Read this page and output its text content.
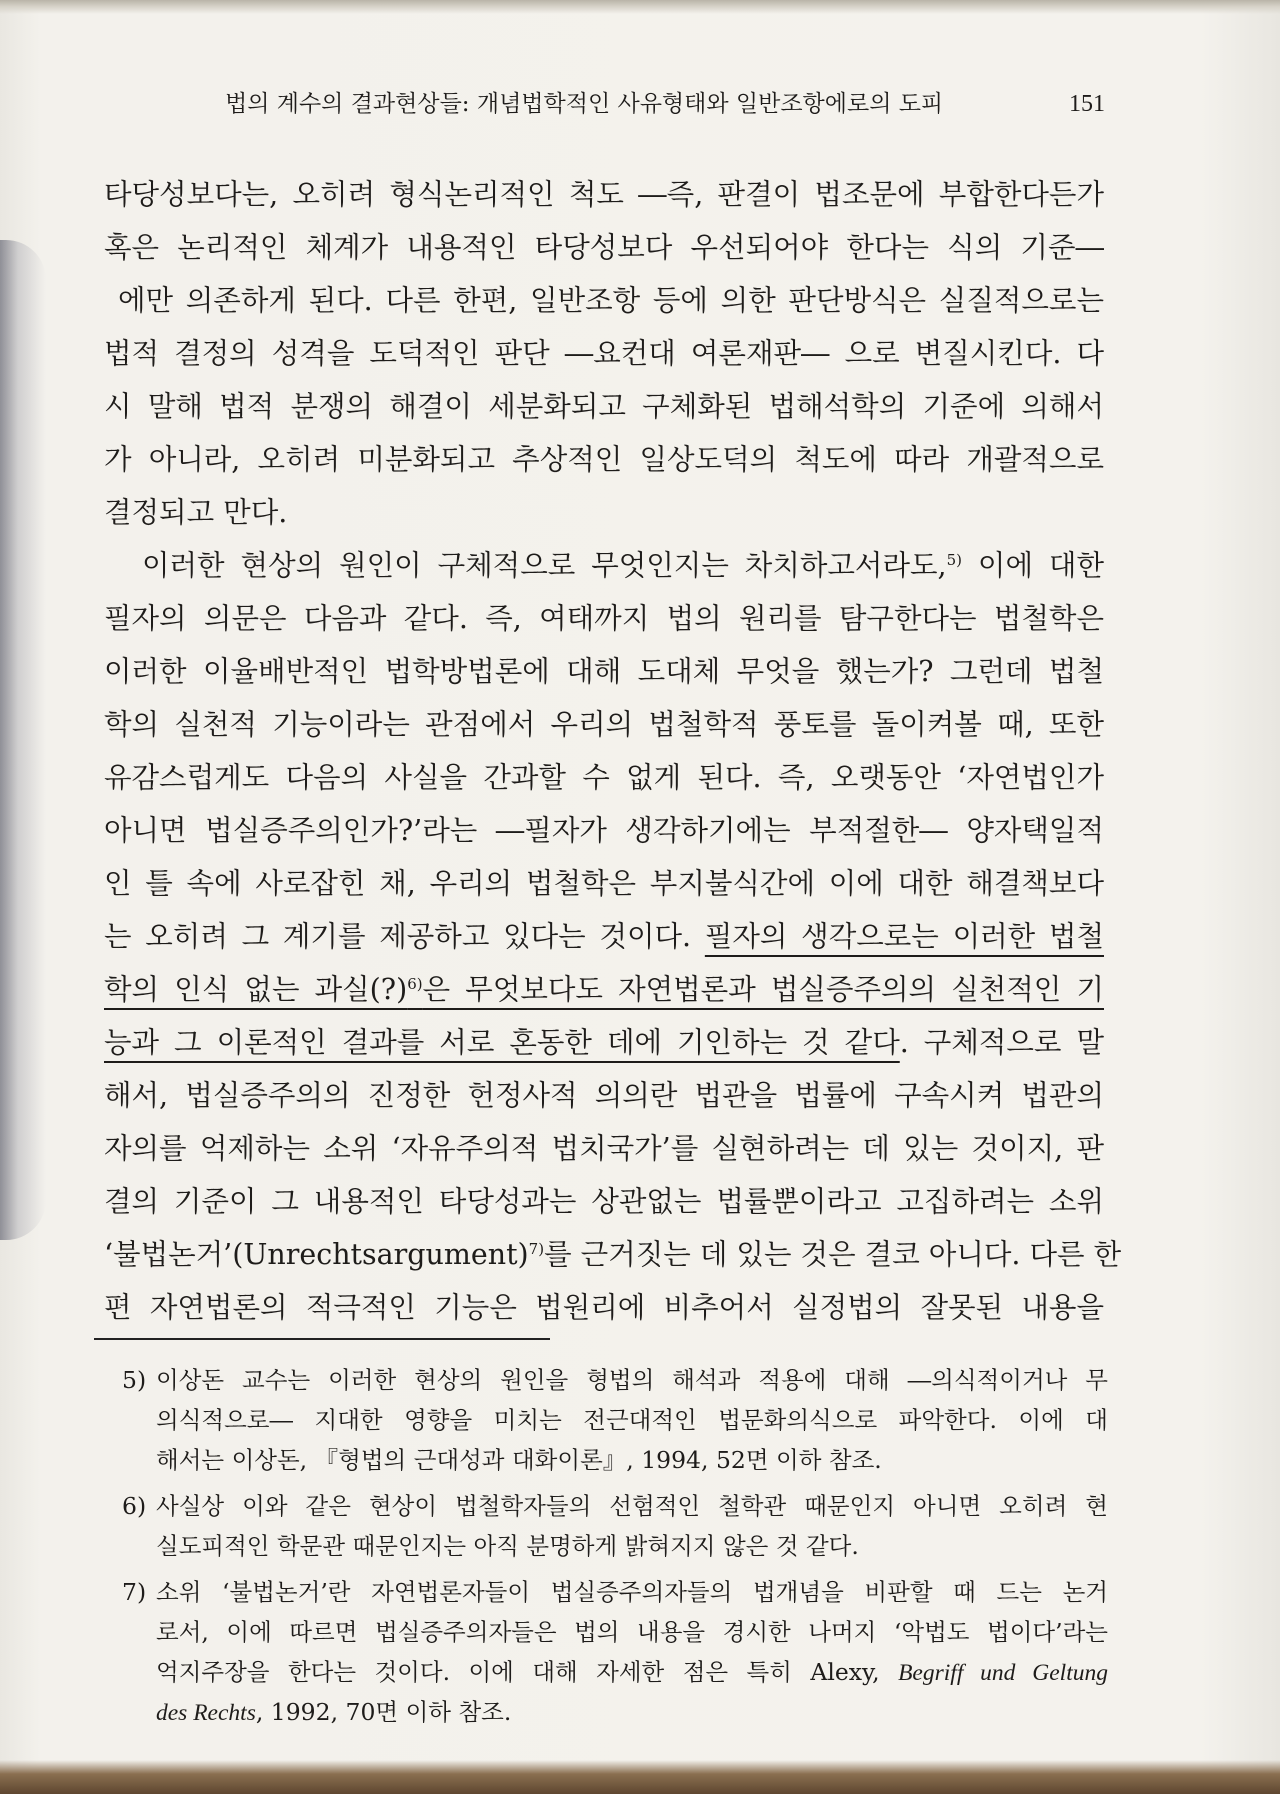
법의 계수의 결과현상들: 개념법학적인 사유형태와 일반조항에로의 도피	151
타당성보다는, 오히려 형식논리적인 척도 ―즉, 판결이 법조문에 부합한다든가
혹은 논리적인 체계가 내용적인 타당성보다 우선되어야 한다는 식의 기준―
에만 의존하게 된다. 다른 한편, 일반조항 등에 의한 판단방식은 실질적으로는
법적 결정의 성격을 도덕적인 판단 ―요컨대 여론재판― 으로 변질시킨다. 다
시 말해 법적 분쟁의 해결이 세분화되고 구체화된 법해석학의 기준에 의해서
가 아니라, 오히려 미분화되고 추상적인 일상도덕의 척도에 따라 개괄적으로
결정되고 만다.
이러한 현상의 원인이 구체적으로 무엇인지는 차치하고서라도,$^{5)}$ 이에 대한
필자의 의문은 다음과 같다. 즉, 여태까지 법의 원리를 탐구한다는 법철학은
이러한 이율배반적인 법학방법론에 대해 도대체 무엇을 했는가? 그런데 법철
학의 실천적 기능이라는 관점에서 우리의 법철학적 풍토를 돌이켜볼 때, 또한
유감스럽게도 다음의 사실을 간과할 수 없게 된다. 즉, 오랫동안 ‘자연법인가
아니면 법실증주의인가?’라는 ―필자가 생각하기에는 부적절한― 양자택일적
인 틀 속에 사로잡힌 채, 우리의 법철학은 부지불식간에 이에 대한 해결책보다
는 오히려 그 계기를 제공하고 있다는 것이다. 필자의 생각으로는 이러한 법철
학의 인식 없는 과실(?)$^{6)}$은 무엇보다도 자연법론과 법실증주의의 실천적인 기
능과 그 이론적인 결과를 서로 혼동한 데에 기인하는 것 같다. 구체적으로 말
해서, 법실증주의의 진정한 헌정사적 의의란 법관을 법률에 구속시켜 법관의
자의를 억제하는 소위 ‘자유주의적 법치국가’를 실현하려는 데 있는 것이지, 판
결의 기준이 그 내용적인 타당성과는 상관없는 법률뿐이라고 고집하려는 소위
‘불법논거’(Unrechtsargument)$^{7)}$를 근거짓는 데 있는 것은 결코 아니다. 다른 한
편 자연법론의 적극적인 기능은 법원리에 비추어서 실정법의 잘못된 내용을
5) 이상돈 교수는 이러한 현상의 원인을 형법의 해석과 적용에 대해 ―의식적이거나 무
의식적으로― 지대한 영향을 미치는 전근대적인 법문화의식으로 파악한다. 이에 대
해서는 이상돈, 『형법의 근대성과 대화이론』, 1994, 52면 이하 참조.
6) 사실상 이와 같은 현상이 법철학자들의 선험적인 철학관 때문인지 아니면 오히려 현
실도피적인 학문관 때문인지는 아직 분명하게 밝혀지지 않은 것 같다.
7) 소위 ‘불법논거’란 자연법론자들이 법실증주의자들의 법개념을 비판할 때 드는 논거
로서, 이에 따르면 법실증주의자들은 법의 내용을 경시한 나머지 ‘악법도 법이다’라는
억지주장을 한다는 것이다. 이에 대해 자세한 점은 특히 Alexy, Begriff und Geltung
des Rechts, 1992, 70면 이하 참조.
